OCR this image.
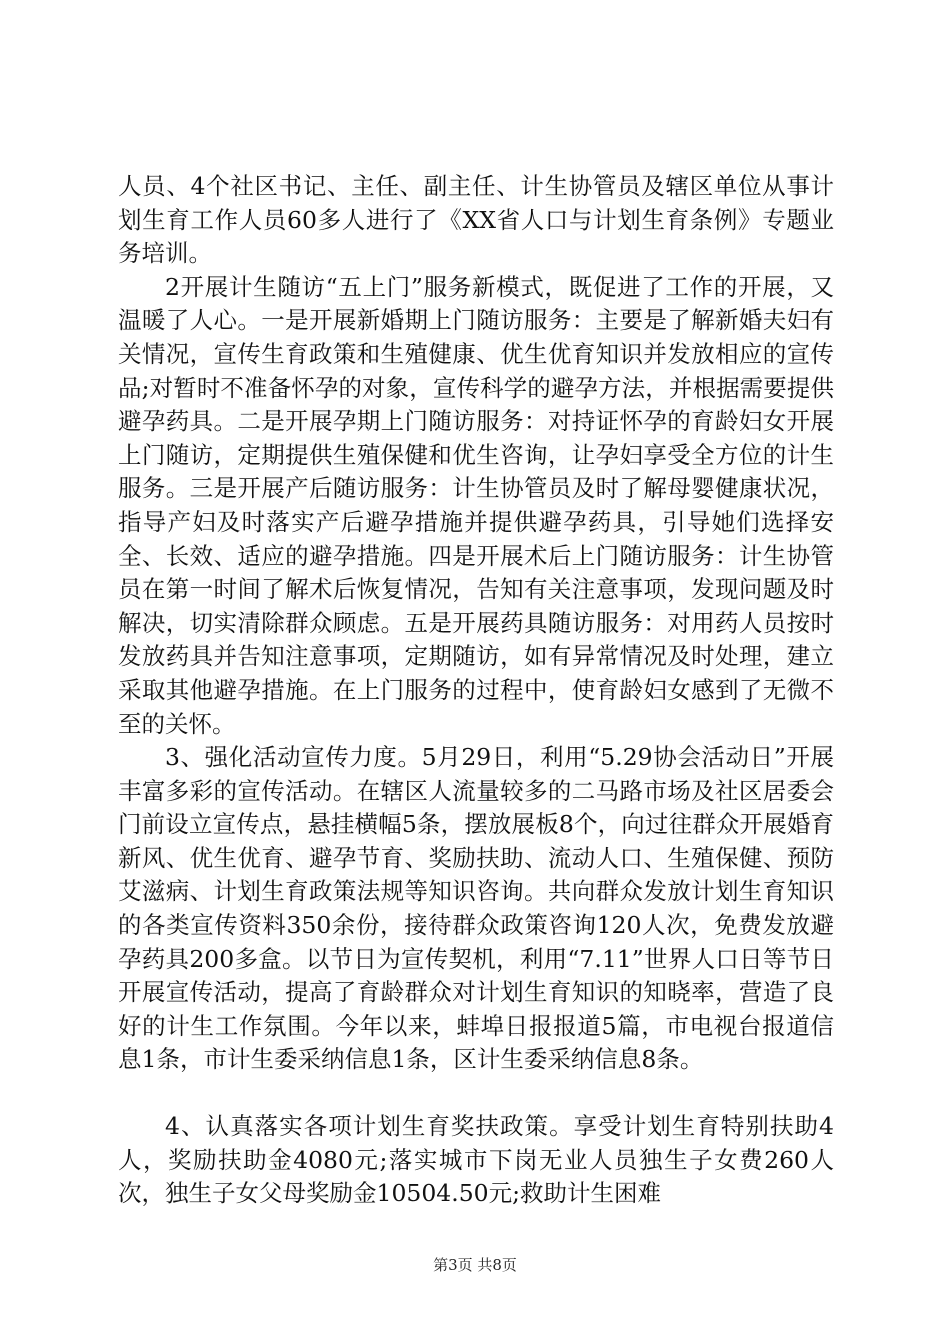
人员、4个社区书记、主任、副主任、计生协管员及辖区单位从事计划生育工作人员60多人进行了《XX省人口与计划生育条例》专题业务培训。

2开展计生随访“五上门”服务新模式，既促进了工作的开展，又温暖了人心。一是开展新婚期上门随访服务：主要是了解新婚夫妇有关情况，宣传生育政策和生殖健康、优生优育知识并发放相应的宣传品;对暂时不准备怀孕的对象，宣传科学的避孕方法，并根据需要提供避孕药具。二是开展孕期上门随访服务：对持证怀孕的育龄妇女开展上门随访，定期提供生殖保健和优生咨询，让孕妇享受全方位的计生服务。三是开展产后随访服务：计生协管员及时了解母婴健康状况，指导产妇及时落实产后避孕措施并提供避孕药具，引导她们选择安全、长效、适应的避孕措施。四是开展术后上门随访服务：计生协管员在第一时间了解术后恢复情况，告知有关注意事项，发现问题及时解决，切实清除群众顾虑。五是开展药具随访服务：对用药人员按时发放药具并告知注意事项，定期随访，如有异常情况及时处理，建立采取其他避孕措施。在上门服务的过程中，使育龄妇女感到了无微不至的关怀。

3、强化活动宣传力度。5月29日，利用“5.29协会活动日”开展丰富多彩的宣传活动。在辖区人流量较多的二马路市场及社区居委会门前设立宣传点，悬挂横幅5条，摆放展板8个，向过往群众开展婚育新风、优生优育、避孕节育、奖励扶助、流动人口、生殖保健、预防艾滋病、计划生育政策法规等知识咨询。共向群众发放计划生育知识的各类宣传资料350余份，接待群众政策咨询120人次，免费发放避孕药具200多盒。以节日为宣传契机，利用“7.11”世界人口日等节日开展宣传活动，提高了育龄群众对计划生育知识的知晓率，营造了良好的计生工作氛围。今年以来，蚌埠日报报道5篇，市电视台报道信息1条，市计生委采纳信息1条，区计生委采纳信息8条。

4、认真落实各项计划生育奖扶政策。享受计划生育特别扶助4人，奖励扶助金4080元;落实城市下岗无业人员独生子女费260人次，独生子女父母奖励金10504.50元;救助计生困难

第3页 共8页
